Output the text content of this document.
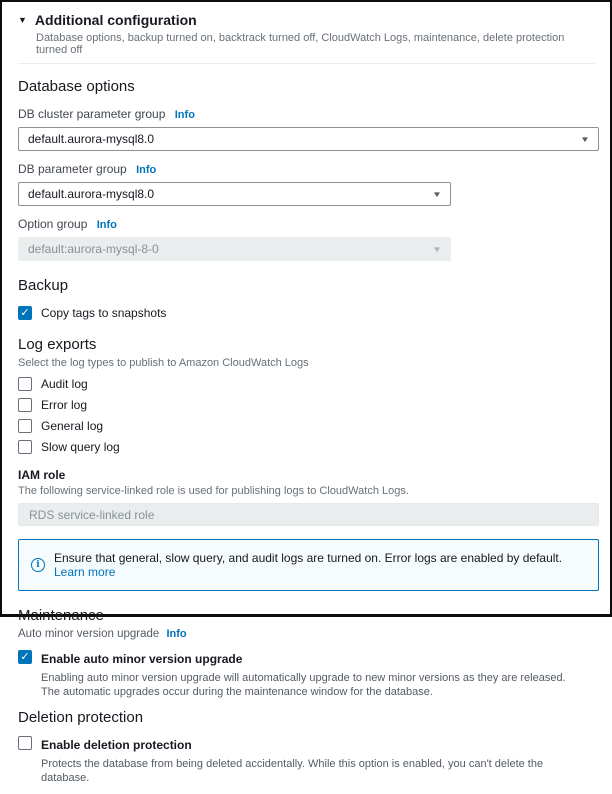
▼ Additional configuration
Database options, backup turned on, backtrack turned off, CloudWatch Logs, maintenance, delete protection turned off
Database options
DB cluster parameter group Info
default.aurora-mysql8.0	▼
DB parameter group Info
default.aurora-mysql8.0	▼
Option group Info
default:aurora-mysql-8-0	▼
Backup
✓ Copy tags to snapshots
Log exports
Select the log types to publish to Amazon CloudWatch Logs
Audit log
Error log
General log
Slow query log
IAM role
The following service-linked role is used for publishing logs to CloudWatch Logs.
RDS service-linked role
i	Ensure that general, slow query, and audit logs are turned on. Error logs are enabled by default. Learn more
Maintenance
Auto minor version upgrade Info
✓ Enable auto minor version upgrade
Enabling auto minor version upgrade will automatically upgrade to new minor versions as they are released. The automatic upgrades occur during the maintenance window for the database.
Deletion protection
Enable deletion protection
Protects the database from being deleted accidentally. While this option is enabled, you can't delete the database.
